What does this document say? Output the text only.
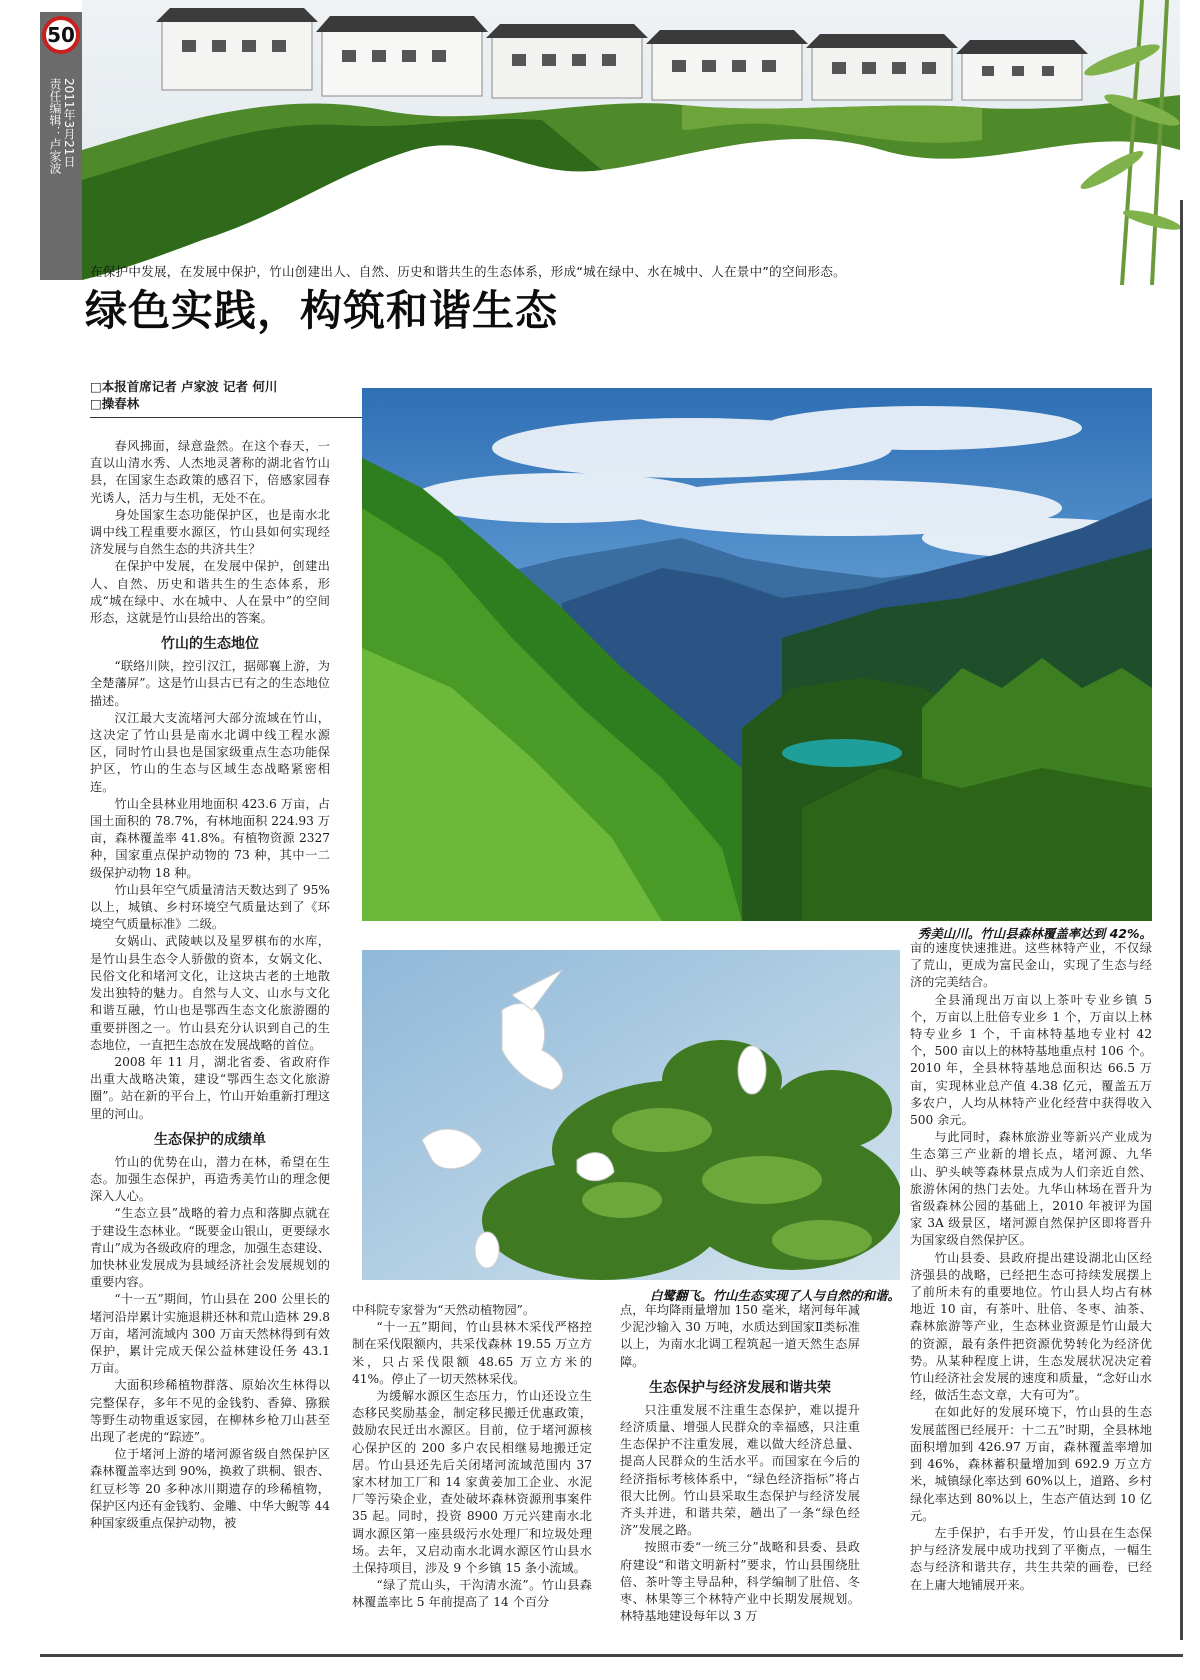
50
责任编辑：卢家波 2011年3月21日
在保护中发展，在发展中保护，竹山创建出人、自然、历史和谐共生的生态体系，形成“城在绿中、水在城中、人在景中”的空间形态。
绿色实践，构筑和谐生态
□本报首席记者 卢家波 记者 何川
□操春林
秀美山川。竹山县森林覆盖率达到 42%。
白鹭翻飞。竹山生态实现了人与自然的和谐。

春风拂面，绿意盎然。在这个春天，一直以山清水秀、人杰地灵著称的湖北省竹山县，在国家生态政策的感召下，倍感家园春光诱人，活力与生机，无处不在。

身处国家生态功能保护区，也是南水北调中线工程重要水源区，竹山县如何实现经济发展与自然生态的共济共生？

在保护中发展，在发展中保护，创建出人、自然、历史和谐共生的生态体系，形成“城在绿中、水在城中、人在景中”的空间形态，这就是竹山县给出的答案。

竹山的生态地位

“联络川陕，控引汉江，据郧襄上游，为全楚藩屏”。这是竹山县古已有之的生态地位描述。

汉江最大支流堵河大部分流域在竹山，这决定了竹山县是南水北调中线工程水源区，同时竹山县也是国家级重点生态功能保护区，竹山的生态与区域生态战略紧密相连。

竹山全县林业用地面积 423.6 万亩，占国土面积的 78.7%，有林地面积 224.93 万亩，森林覆盖率 41.8%。有植物资源 2327 种，国家重点保护动物的 73 种，其中一二级保护动物 18 种。

竹山县年空气质量清洁天数达到了 95%以上，城镇、乡村环境空气质量达到了《环境空气质量标准》二级。

女娲山、武陵峡以及星罗棋布的水库，是竹山县生态令人骄傲的资本，女娲文化、民俗文化和堵河文化，让这块古老的土地散发出独特的魅力。自然与人文、山水与文化和谐互融，竹山也是鄂西生态文化旅游圈的重要拼图之一。竹山县充分认识到自己的生态地位，一直把生态放在发展战略的首位。

2008 年 11 月，湖北省委、省政府作出重大战略决策，建设“鄂西生态文化旅游圈”。站在新的平台上，竹山开始重新打理这里的河山。

生态保护的成绩单

竹山的优势在山，潜力在林，希望在生态。加强生态保护，再造秀美竹山的理念便深入人心。

“生态立县”战略的着力点和落脚点就在于建设生态林业。“既要金山银山，更要绿水青山”成为各级政府的理念，加强生态建设、加快林业发展成为县域经济社会发展规划的重要内容。

“十一五”期间，竹山县在 200 公里长的堵河沿岸累计实施退耕还林和荒山造林 29.8 万亩，堵河流域内 300 万亩天然林得到有效保护，累计完成天保公益林建设任务 43.1 万亩。

大面积珍稀植物群落、原始次生林得以完整保存，多年不见的金钱豹、香獐、猕猴等野生动物重返家园，在柳林乡枪刀山甚至出现了老虎的“踪迹”。

位于堵河上游的堵河源省级自然保护区森林覆盖率达到 90%，换救了珙桐、银杏、红豆杉等 20 多种冰川期遗存的珍稀植物，保护区内还有金钱豹、金雕、中华大鲵等 44 种国家级重点保护动物，被

中科院专家誉为“天然动植物园”。

“十一五”期间，竹山县林木采伐严格控制在采伐限额内，共采伐森林 19.55 万立方米，只占采伐限额 48.65 万立方米的 41%。停止了一切天然林采伐。

为缓解水源区生态压力，竹山还设立生态移民奖励基金，制定移民搬迁优惠政策，鼓励农民迁出水源区。目前，位于堵河源核心保护区的 200 多户农民相继易地搬迁定居。竹山县还先后关闭堵河流域范围内 37 家木材加工厂和 14 家黄姜加工企业、水泥厂等污染企业，查处破坏森林资源刑事案件 35 起。同时，投资 8900 万元兴建南水北调水源区第一座县级污水处理厂和垃圾处理场。去年，又启动南水北调水源区竹山县水土保持项目，涉及 9 个乡镇 15 条小流域。

“绿了荒山头，干沟清水流”。竹山县森林覆盖率比 5 年前提高了 14 个百分

点，年均降雨量增加 150 毫米，堵河每年减少泥沙输入 30 万吨，水质达到国家Ⅱ类标准以上，为南水北调工程筑起一道天然生态屏障。

生态保护与经济发展和谐共荣

只注重发展不注重生态保护，难以提升经济质量、增强人民群众的幸福感，只注重生态保护不注重发展，难以做大经济总量、提高人民群众的生活水平。而国家在今后的经济指标考核体系中，“绿色经济指标”将占很大比例。竹山县采取生态保护与经济发展齐头并进，和谐共荣，趟出了一条“绿色经济”发展之路。

按照市委“一统三分”战略和县委、县政府建设“和谐文明新村”要求，竹山县围绕肚倍、茶叶等主导品种，科学编制了肚倍、冬枣、林果等三个林特产业中长期发展规划。林特基地建设每年以 3 万

亩的速度快速推进。这些林特产业，不仅绿了荒山，更成为富民金山，实现了生态与经济的完美结合。

全县涌现出万亩以上茶叶专业乡镇 5 个，万亩以上肚倍专业乡 1 个，万亩以上林特专业乡 1 个，千亩林特基地专业村 42 个，500 亩以上的林特基地重点村 106 个。2010 年，全县林特基地总面积达 66.5 万亩，实现林业总产值 4.38 亿元，覆盖五万多农户，人均从林特产业化经营中获得收入 500 余元。

与此同时，森林旅游业等新兴产业成为生态第三产业新的增长点，堵河源、九华山、驴头峡等森林景点成为人们亲近自然、旅游休闲的热门去处。九华山林场在晋升为省级森林公园的基础上，2010 年被评为国家 3A 级景区，堵河源自然保护区即将晋升为国家级自然保护区。

竹山县委、县政府提出建设湖北山区经济强县的战略，已经把生态可持续发展摆上了前所未有的重要地位。竹山县人均占有林地近 10 亩，有茶叶、肚倍、冬枣、油茶、森林旅游等产业，生态林业资源是竹山最大的资源，最有条件把资源优势转化为经济优势。从某种程度上讲，生态发展状况决定着竹山经济社会发展的速度和质量，“念好山水经，做活生态文章，大有可为”。

在如此好的发展环境下，竹山县的生态发展蓝图已经展开：十二五”时期，全县林地面积增加到 426.97 万亩，森林覆盖率增加到 46%，森林蓄积量增加到 692.9 万立方米，城镇绿化率达到 60%以上，道路、乡村绿化率达到 80%以上，生态产值达到 10 亿元。

左手保护，右手开发，竹山县在生态保护与经济发展中成功找到了平衡点，一幅生态与经济和谐共存，共生共荣的画卷，已经在上庸大地铺展开来。
